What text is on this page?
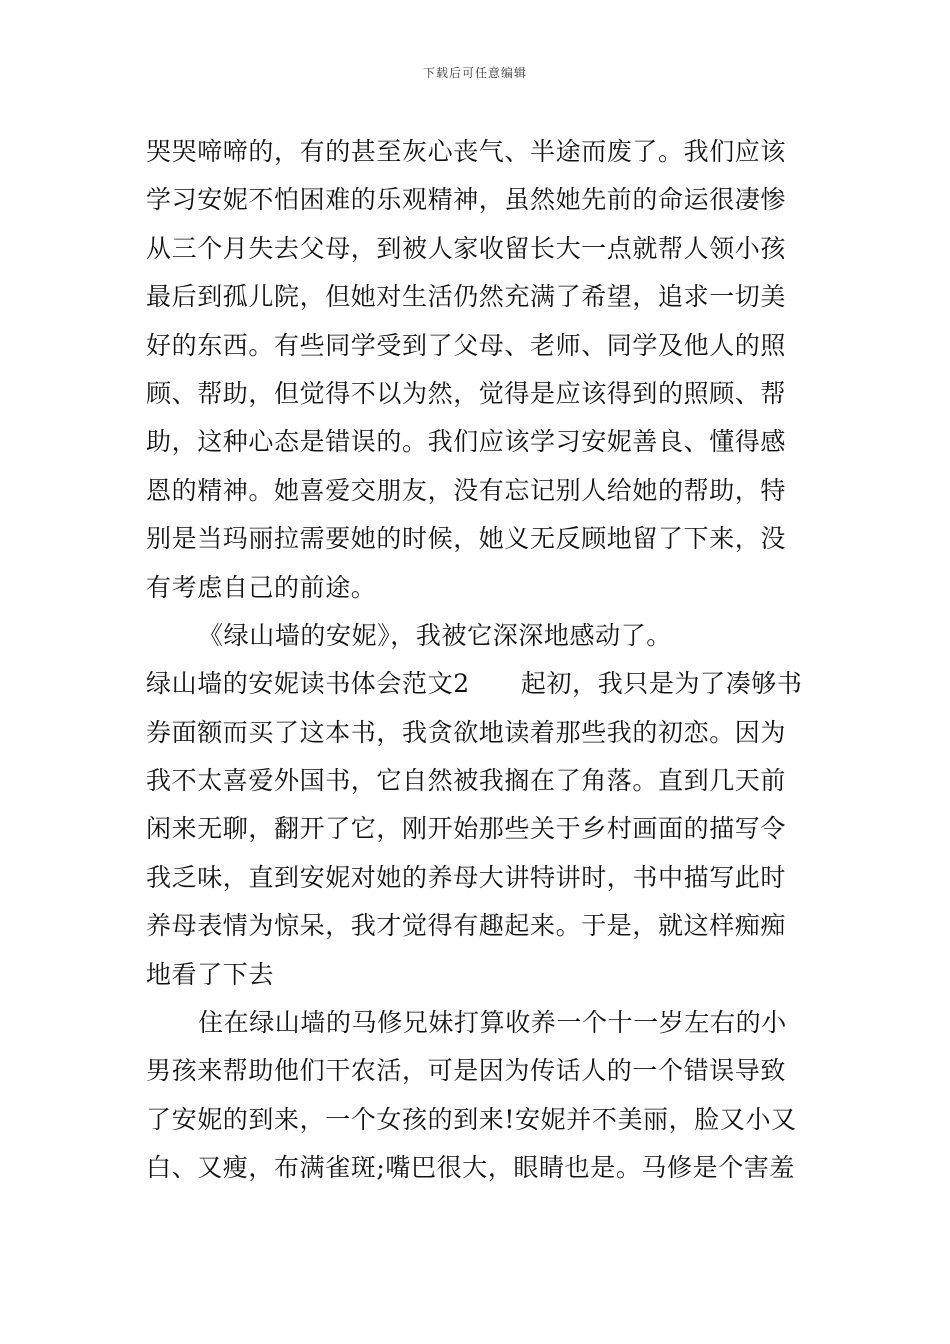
下载后可任意编辑
哭哭啼啼的，有的甚至灰心丧气、半途而废了。我们应该
学习安妮不怕困难的乐观精神，虽然她先前的命运很凄惨
从三个月失去父母，到被人家收留长大一点就帮人领小孩
最后到孤儿院，但她对生活仍然充满了希望，追求一切美
好的东西。有些同学受到了父母、老师、同学及他人的照
顾、帮助，但觉得不以为然，觉得是应该得到的照顾、帮
助，这种心态是错误的。我们应该学习安妮善良、懂得感
恩的精神。她喜爱交朋友，没有忘记别人给她的帮助，特
别是当玛丽拉需要她的时候，她义无反顾地留了下来，没
有考虑自己的前途。
《绿山墙的安妮》，我被它深深地感动了。
绿山墙的安妮读书体会范文2　　起初，我只是为了凑够书
券面额而买了这本书，我贪欲地读着那些我的初恋。因为
我不太喜爱外国书，它自然被我搁在了角落。直到几天前
闲来无聊，翻开了它，刚开始那些关于乡村画面的描写令
我乏味，直到安妮对她的养母大讲特讲时，书中描写此时
养母表情为惊呆，我才觉得有趣起来。于是，就这样痴痴
地看了下去
住在绿山墙的马修兄妹打算收养一个十一岁左右的小
男孩来帮助他们干农活，可是因为传话人的一个错误导致
了安妮的到来，一个女孩的到来!安妮并不美丽，脸又小又
白、又瘦，布满雀斑;嘴巴很大，眼睛也是。马修是个害羞
